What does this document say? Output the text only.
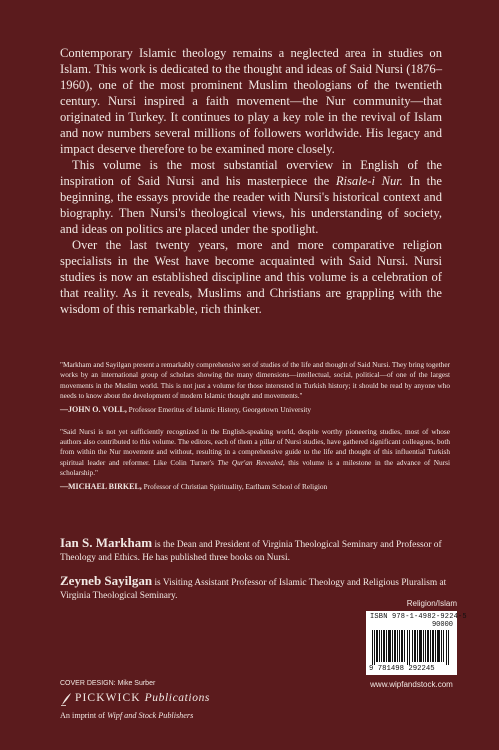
Contemporary Islamic theology remains a neglected area in studies on Islam. This work is dedicated to the thought and ideas of Said Nursi (1876–1960), one of the most prominent Muslim theologians of the twentieth century. Nursi inspired a faith movement—the Nur community—that originated in Turkey. It continues to play a key role in the revival of Islam and now numbers several millions of followers worldwide. His legacy and impact deserve therefore to be examined more closely.

This volume is the most substantial overview in English of the inspiration of Said Nursi and his masterpiece the Risale-i Nur. In the beginning, the essays provide the reader with Nursi's historical context and biography. Then Nursi's theological views, his understanding of society, and ideas on politics are placed under the spotlight.

Over the last twenty years, more and more comparative religion specialists in the West have become acquainted with Said Nursi. Nursi studies is now an established discipline and this volume is a celebration of that reality. As it reveals, Muslims and Christians are grappling with the wisdom of this remarkable, rich thinker.

"Markham and Sayilgan present a remarkably comprehensive set of studies of the life and thought of Said Nursi. They bring together works by an international group of scholars showing the many dimensions—intellectual, social, political—of one of the largest movements in the Muslim world. This is not just a volume for those interested in Turkish history; it should be read by anyone who needs to know about the development of modern Islamic thought and movements."

—JOHN O. VOLL, Professor Emeritus of Islamic History, Georgetown University

"Said Nursi is not yet sufficiently recognized in the English-speaking world, despite worthy pioneering studies, most of whose authors also contributed to this volume. The editors, each of them a pillar of Nursi studies, have gathered significant colleagues, both from within the Nur movement and without, resulting in a comprehensive guide to the life and thought of this influential Turkish spiritual leader and reformer. Like Colin Turner's The Qur'an Revealed, this volume is a milestone in the advance of Nursi scholarship."

—MICHAEL BIRKEL, Professor of Christian Spirituality, Earlham School of Religion

Ian S. Markham is the Dean and President of Virginia Theological Seminary and Professor of Theology and Ethics. He has published three books on Nursi.

Zeyneb Sayilgan is Visiting Assistant Professor of Islamic Theology and Religious Pluralism at Virginia Theological Seminary.

Religion/Islam
ISBN 978-1-4982-9224-5
90000
9 781498 292245
www.wipfandstock.com
COVER DESIGN: Mike Surber
PICKWICK Publications
An imprint of Wipf and Stock Publishers
